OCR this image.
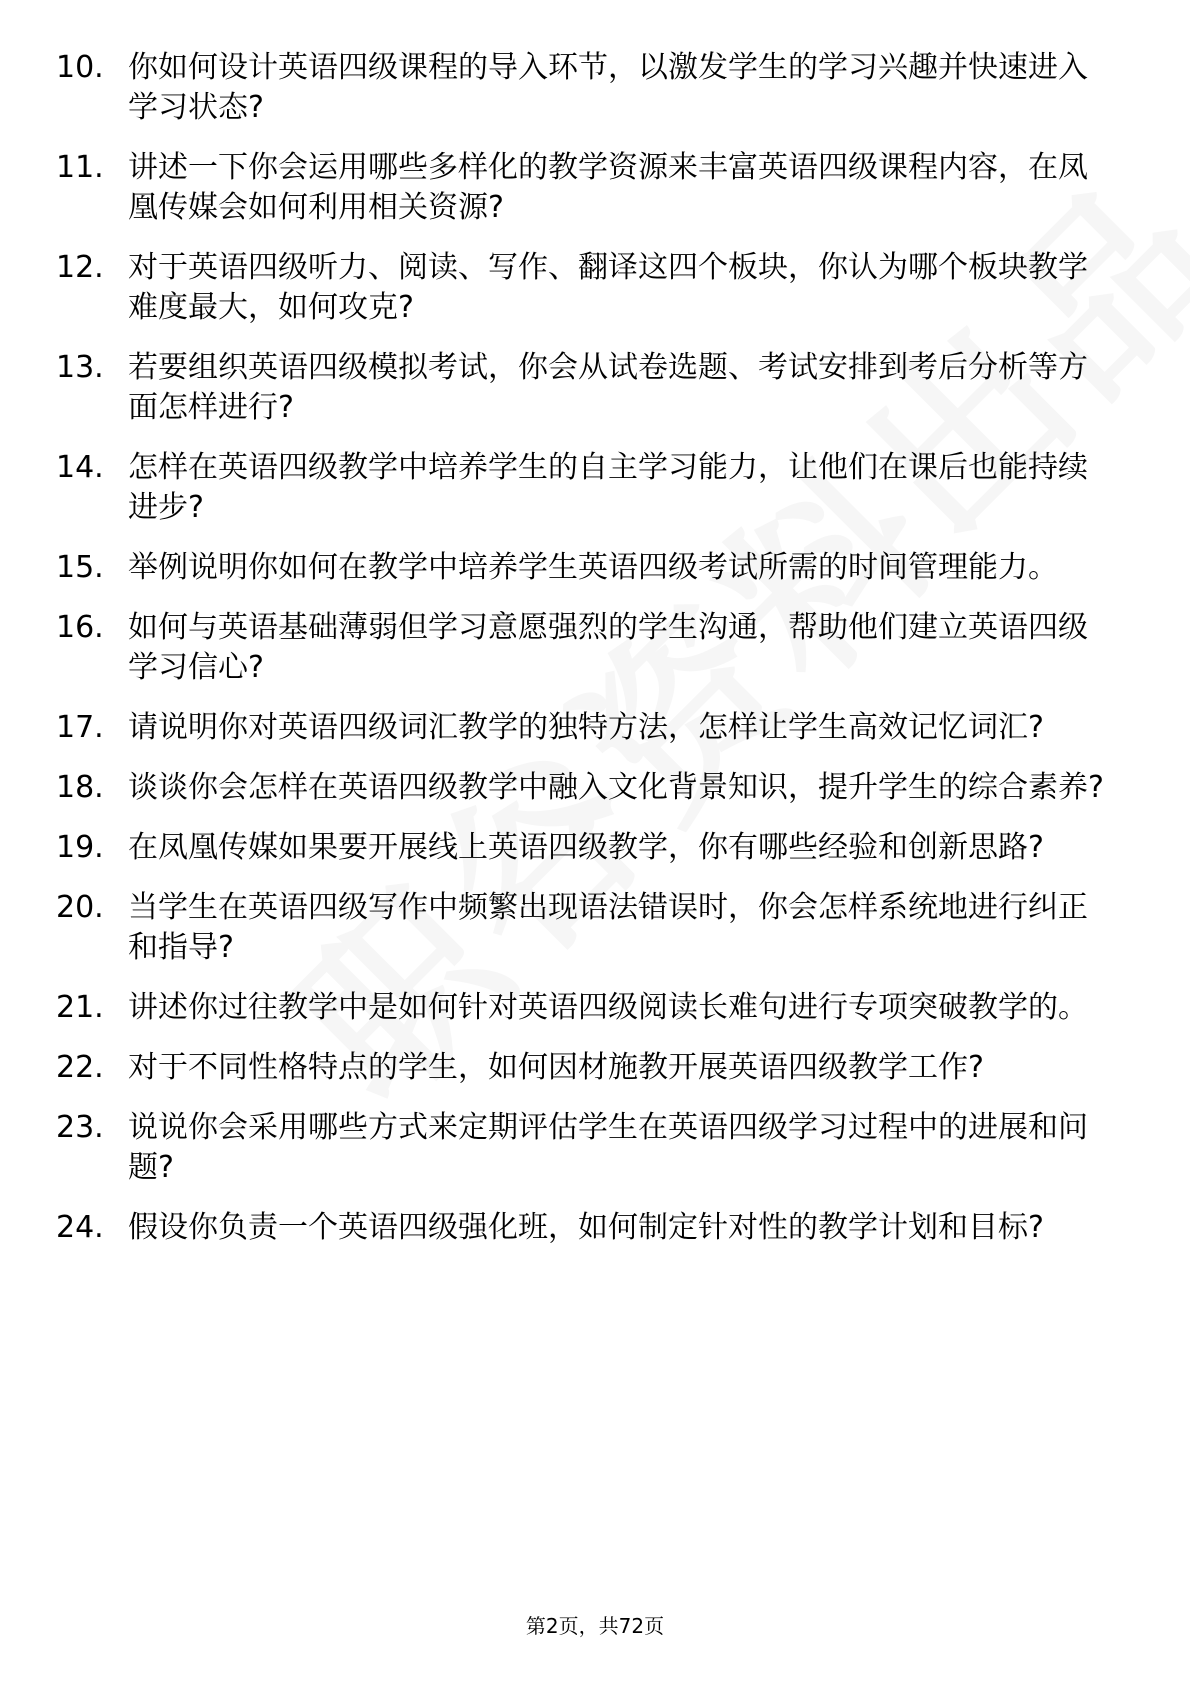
10. 你如何设计英语四级课程的导入环节，以激发学生的学习兴趣并快速进入学习状态?
11. 讲述一下你会运用哪些多样化的教学资源来丰富英语四级课程内容，在凤凰传媒会如何利用相关资源?
12. 对于英语四级听力、阅读、写作、翻译这四个板块，你认为哪个板块教学难度最大，如何攻克?
13. 若要组织英语四级模拟考试，你会从试卷选题、考试安排到考后分析等方面怎样进行?
14. 怎样在英语四级教学中培养学生的自主学习能力，让他们在课后也能持续进步?
15. 举例说明你如何在教学中培养学生英语四级考试所需的时间管理能力。
16. 如何与英语基础薄弱但学习意愿强烈的学生沟通，帮助他们建立英语四级学习信心?
17. 请说明你对英语四级词汇教学的独特方法，怎样让学生高效记忆词汇?
18. 谈谈你会怎样在英语四级教学中融入文化背景知识，提升学生的综合素养?
19. 在凤凰传媒如果要开展线上英语四级教学，你有哪些经验和创新思路?
20. 当学生在英语四级写作中频繁出现语法错误时，你会怎样系统地进行纠正和指导?
21. 讲述你过往教学中是如何针对英语四级阅读长难句进行专项突破教学的。
22. 对于不同性格特点的学生，如何因材施教开展英语四级教学工作?
23. 说说你会采用哪些方式来定期评估学生在英语四级学习过程中的进展和问题?
24. 假设你负责一个英语四级强化班，如何制定针对性的教学计划和目标?
第2页，共72页
